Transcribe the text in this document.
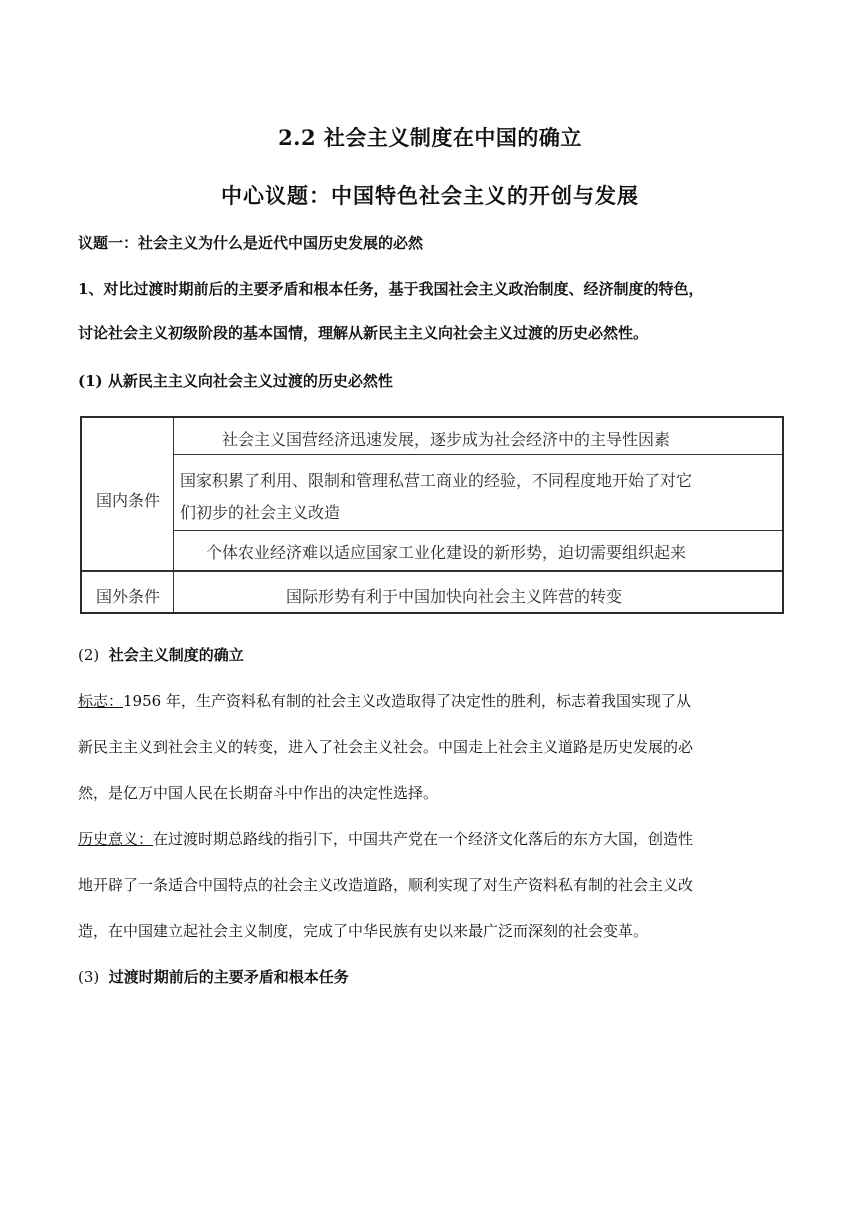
2.2 社会主义制度在中国的确立
中心议题：中国特色社会主义的开创与发展
议题一：社会主义为什么是近代中国历史发展的必然
1、对比过渡时期前后的主要矛盾和根本任务，基于我国社会主义政治制度、经济制度的特色，
讨论社会主义初级阶段的基本国情，理解从新民主主义向社会主义过渡的历史必然性。
(1) 从新民主主义向社会主义过渡的历史必然性
国内条件
国外条件
社会主义国营经济迅速发展，逐步成为社会经济中的主导性因素
国家积累了利用、限制和管理私营工商业的经验，不同程度地开始了对它
们初步的社会主义改造
个体农业经济难以适应国家工业化建设的新形势，迫切需要组织起来
国际形势有利于中国加快向社会主义阵营的转变
(2) 社会主义制度的确立
标志：1956 年，生产资料私有制的社会主义改造取得了决定性的胜利，标志着我国实现了从
新民主主义到社会主义的转变，进入了社会主义社会。中国走上社会主义道路是历史发展的必
然，是亿万中国人民在长期奋斗中作出的决定性选择。
历史意义：在过渡时期总路线的指引下，中国共产党在一个经济文化落后的东方大国，创造性
地开辟了一条适合中国特点的社会主义改造道路，顺利实现了对生产资料私有制的社会主义改
造，在中国建立起社会主义制度，完成了中华民族有史以来最广泛而深刻的社会变革。
(3) 过渡时期前后的主要矛盾和根本任务
